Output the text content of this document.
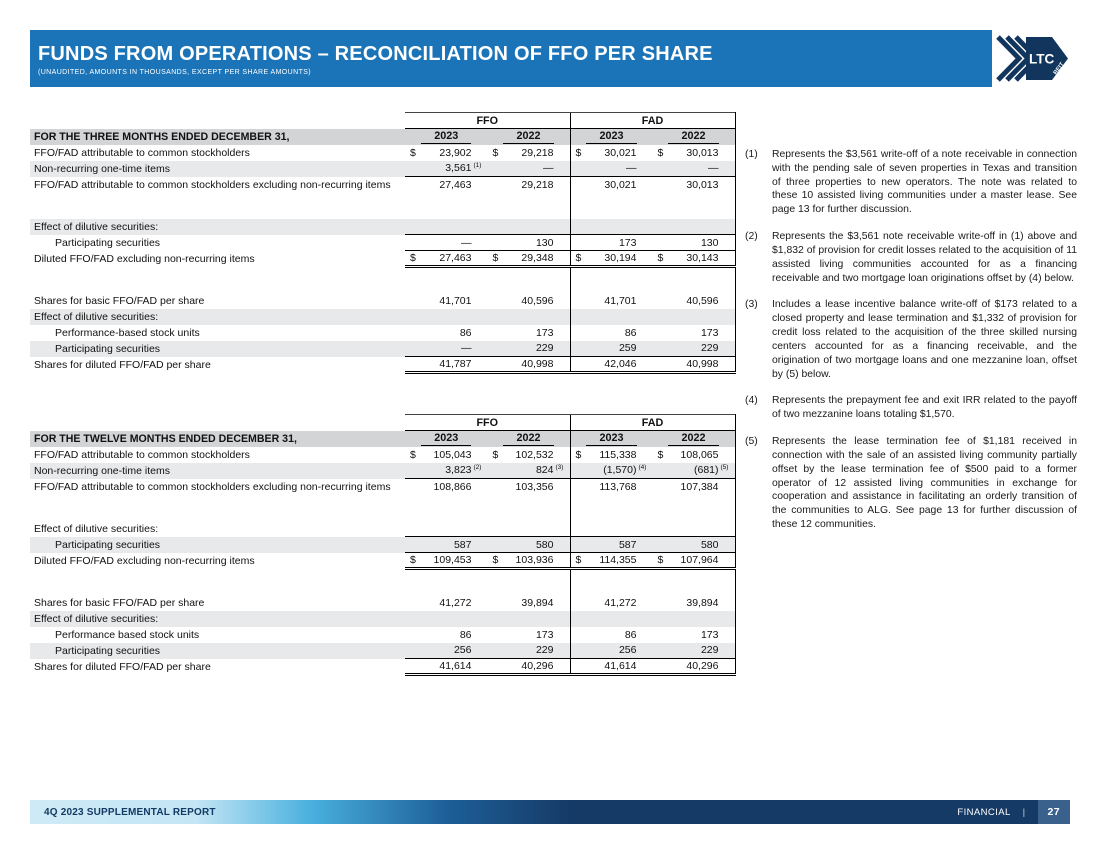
FUNDS FROM OPERATIONS – RECONCILIATION OF FFO PER SHARE
(UNAUDITED, AMOUNTS IN THOUSANDS, EXCEPT PER SHARE AMOUNTS)
LTC
REIT
	FFO		FAD	
FOR THE THREE MONTHS ENDED DECEMBER 31,	2023	2022	2023	2022
FFO/FAD attributable to common stockholders	$ 23,902	$ 29,218	$ 30,021	$ 30,013

Non-recurring one-time items	3,561 (1)	—	—	—

FFO/FAD attributable to common stockholders excluding non-recurring items	27,463	29,218	30,021	30,013

Effect of dilutive securities:				
Participating securities	—	130	173	130

Diluted FFO/FAD excluding non-recurring items	$ 27,463	$ 29,348	$ 30,194	$ 30,143

Shares for basic FFO/FAD per share	41,701	40,596	41,701	40,596

Effect of dilutive securities:				
Performance-based stock units	86	173	86	173

Participating securities	—	229	259	229

Shares for diluted FFO/FAD per share	41,787	40,998	42,046	40,998
	FFO		FAD	
FOR THE TWELVE MONTHS ENDED DECEMBER 31,	2023	2022	2023	2022
FFO/FAD attributable to common stockholders	$ 105,043	$ 102,532	$ 115,338	$ 108,065

Non-recurring one-time items	3,823 (2)	824 (3)	(1,570) (4)	(681) (5)

FFO/FAD attributable to common stockholders excluding non-recurring items	108,866	103,356	113,768	107,384

Effect of dilutive securities:				
Participating securities	587	580	587	580

Diluted FFO/FAD excluding non-recurring items	$ 109,453	$ 103,936	$ 114,355	$ 107,964

Shares for basic FFO/FAD per share	41,272	39,894	41,272	39,894

Effect of dilutive securities:				
Performance based stock units	86	173	86	173

Participating securities	256	229	256	229

Shares for diluted FFO/FAD per share	41,614	40,296	41,614	40,296
(1)	Represents the $3,561 write-off of a note receivable in connection with the pending sale of seven properties in Texas and transition of three properties to new operators. The note was related to these 10 assisted living communities under a master lease. See page 13 for further discussion.
(2)	Represents the $3,561 note receivable write-off in (1) above and $1,832 of provision for credit losses related to the acquisition of 11 assisted living communities accounted for as a financing receivable and two mortgage loan originations offset by (4) below.
(3)	Includes a lease incentive balance write-off of $173 related to a closed property and lease termination and $1,332 of provision for credit loss related to the acquisition of the three skilled nursing centers accounted for as a financing receivable, and the origination of two mortgage loans and one mezzanine loan, offset by (5) below.
(4)	Represents the prepayment fee and exit IRR related to the payoff of two mezzanine loans totaling $1,570.
(5)	Represents the lease termination fee of $1,181 received in connection with the sale of an assisted living community partially offset by the lease termination fee of $500 paid to a former operator of 12 assisted living communities in exchange for cooperation and assistance in facilitating an orderly transition of the communities to ALG. See page 13 for further discussion of these 12 communities.
4Q 2023 SUPPLEMENTAL REPORT	FINANCIAL |	27
